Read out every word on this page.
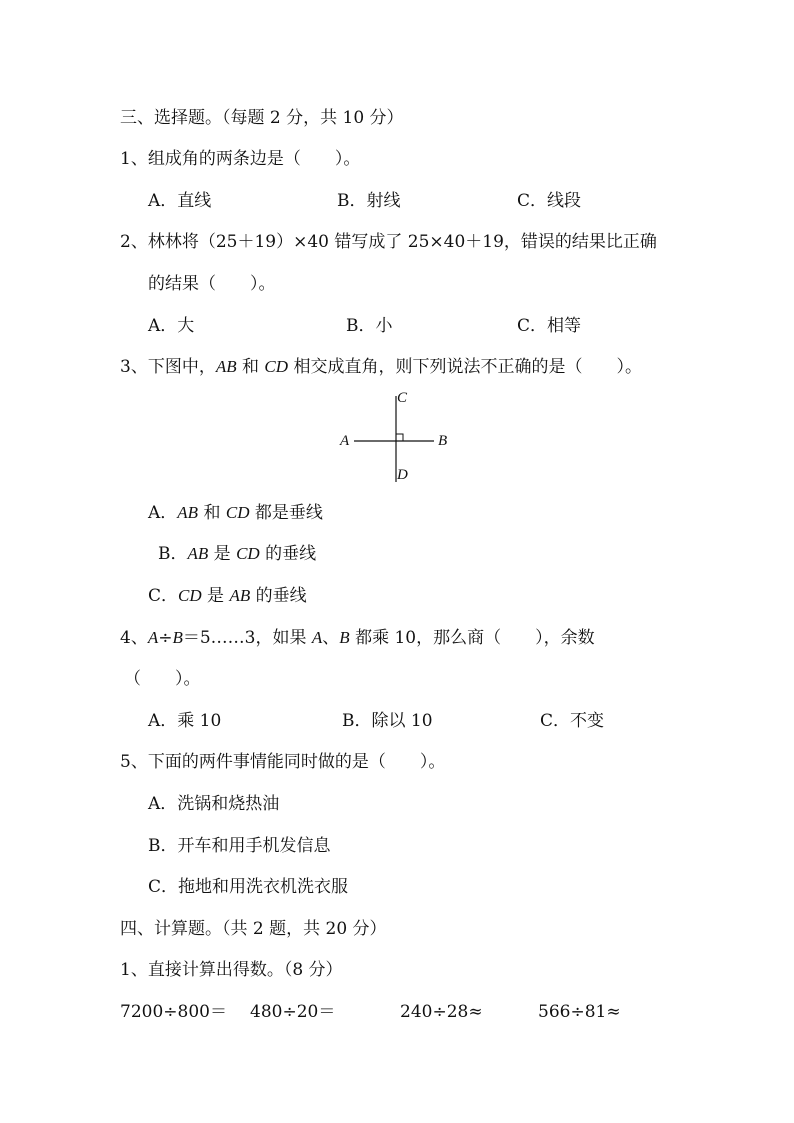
三、选择题。（每题 2 分，共 10 分）
1、组成角的两条边是（　　）。
A．直线	B．射线	C．线段
2、林林将（25＋19）×40 错写成了 25×40＋19，错误的结果比正确
的结果（　　）。
A．大	B．小	C．相等
3、下图中，AB 和 CD 相交成直角，则下列说法不正确的是（　　）。
A	B
C
D
A．AB 和 CD 都是垂线
B．AB 是 CD 的垂线
C．CD 是 AB 的垂线
4、A÷B＝5……3，如果 A、B 都乘 10，那么商（　　），余数
（　　）。
A．乘 10	B．除以 10	C．不变
5、下面的两件事情能同时做的是（　　）。
A．洗锅和烧热油
B．开车和用手机发信息
C．拖地和用洗衣机洗衣服
四、计算题。（共 2 题，共 20 分）
1、直接计算出得数。（8 分）
7200÷800＝ 480÷20＝	240÷28≈	566÷81≈
